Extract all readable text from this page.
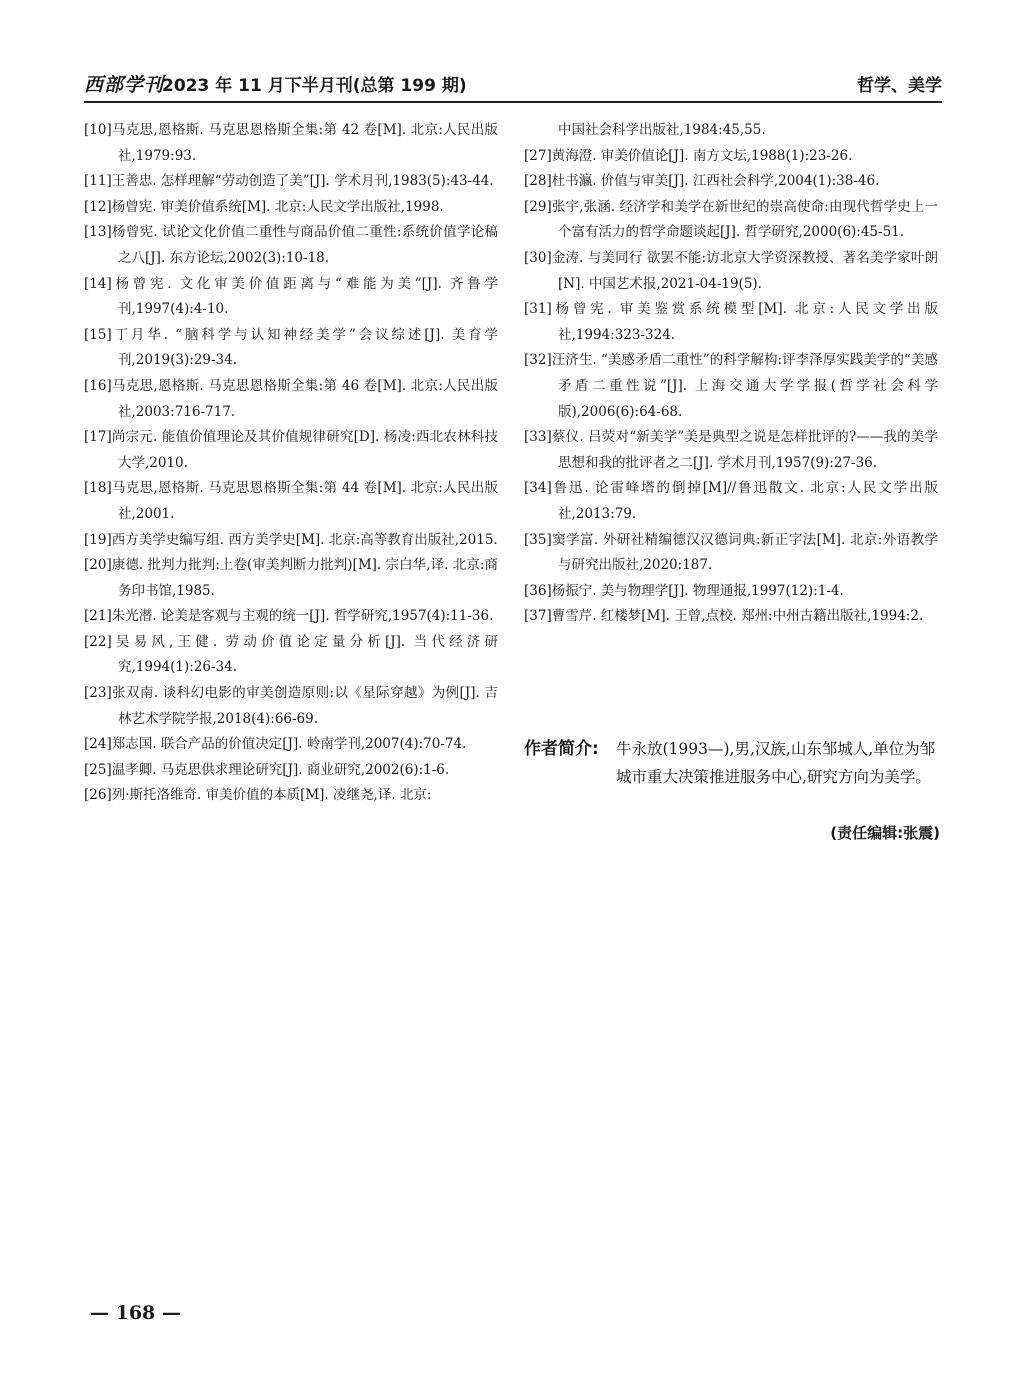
西部学刊
2023 年 11 月下半月刊(总第 199 期)	哲学、美学

[10]马克思,恩格斯. 马克思恩格斯全集:第 42 卷[M]. 北京:人民出版社,1979:93.

[11]王善忠. 怎样理解“劳动创造了美”[J]. 学术月刊,1983(5):43-44.

[12]杨曾宪. 审美价值系统[M]. 北京:人民文学出版社,1998.

[13]杨曾宪. 试论文化价值二重性与商品价值二重性:系统价值学论稿之八[J]. 东方论坛,2002(3):10-18.

[14]杨曾宪. 文化审美价值距离与“难能为美”[J]. 齐鲁学刊,1997(4):4-10.

[15]丁月华. “脑科学与认知神经美学”会议综述[J]. 美育学刊,2019(3):29-34.

[16]马克思,恩格斯. 马克思恩格斯全集:第 46 卷[M]. 北京:人民出版社,2003:716-717.

[17]尚宗元. 能值价值理论及其价值规律研究[D]. 杨凌:西北农林科技大学,2010.

[18]马克思,恩格斯. 马克思恩格斯全集:第 44 卷[M]. 北京:人民出版社,2001.

[19]西方美学史编写组. 西方美学史[M]. 北京:高等教育出版社,2015.

[20]康德. 批判力批判:上卷(审美判断力批判)[M]. 宗白华,译. 北京:商务印书馆,1985.

[21]朱光潜. 论美是客观与主观的统一[J]. 哲学研究,1957(4):11-36.

[22]吴易风,王健. 劳动价值论定量分析[J]. 当代经济研究,1994(1):26-34.

[23]张双南. 谈科幻电影的审美创造原则:以《星际穿越》为例[J]. 吉林艺术学院学报,2018(4):66-69.

[24]郑志国. 联合产品的价值决定[J]. 岭南学刊,2007(4):70-74.

[25]温孝卿. 马克思供求理论研究[J]. 商业研究,2002(6):1-6.

[26]列·斯托洛维奇. 审美价值的本质[M]. 凌继尧,译. 北京:

中国社会科学出版社,1984:45,55.

[27]黄海澄. 审美价值论[J]. 南方文坛,1988(1):23-26.

[28]杜书瀛. 价值与审美[J]. 江西社会科学,2004(1):38-46.

[29]张宇,张涵. 经济学和美学在新世纪的崇高使命:由现代哲学史上一个富有活力的哲学命题谈起[J]. 哲学研究,2000(6):45-51.

[30]金涛. 与美同行 欲罢不能:访北京大学资深教授、著名美学家叶朗[N]. 中国艺术报,2021-04-19(5).

[31]杨曾宪. 审美鉴赏系统模型[M]. 北京:人民文学出版社,1994:323-324.

[32]汪济生. “美感矛盾二重性”的科学解构:评李泽厚实践美学的“美感矛盾二重性说”[J]. 上海交通大学学报(哲学社会科学版),2006(6):64-68.

[33]蔡仪. 吕荧对“新美学”美是典型之说是怎样批评的?——我的美学思想和我的批评者之二[J]. 学术月刊,1957(9):27-36.

[34]鲁迅. 论雷峰塔的倒掉[M]//鲁迅散文. 北京:人民文学出版社,2013:79.

[35]窦学富. 外研社精编德汉汉德词典:新正字法[M]. 北京:外语教学与研究出版社,2020:187.

[36]杨振宁. 美与物理学[J]. 物理通报,1997(12):1-4.

[37]曹雪芹. 红楼梦[M]. 王曾,点校. 郑州:中州古籍出版社,1994:2.

作者简介: 牛永放(1993—),男,汉族,山东邹城人,单位为邹城市重大决策推进服务中心,研究方向为美学。

(责任编辑:张震)
— 168 —
